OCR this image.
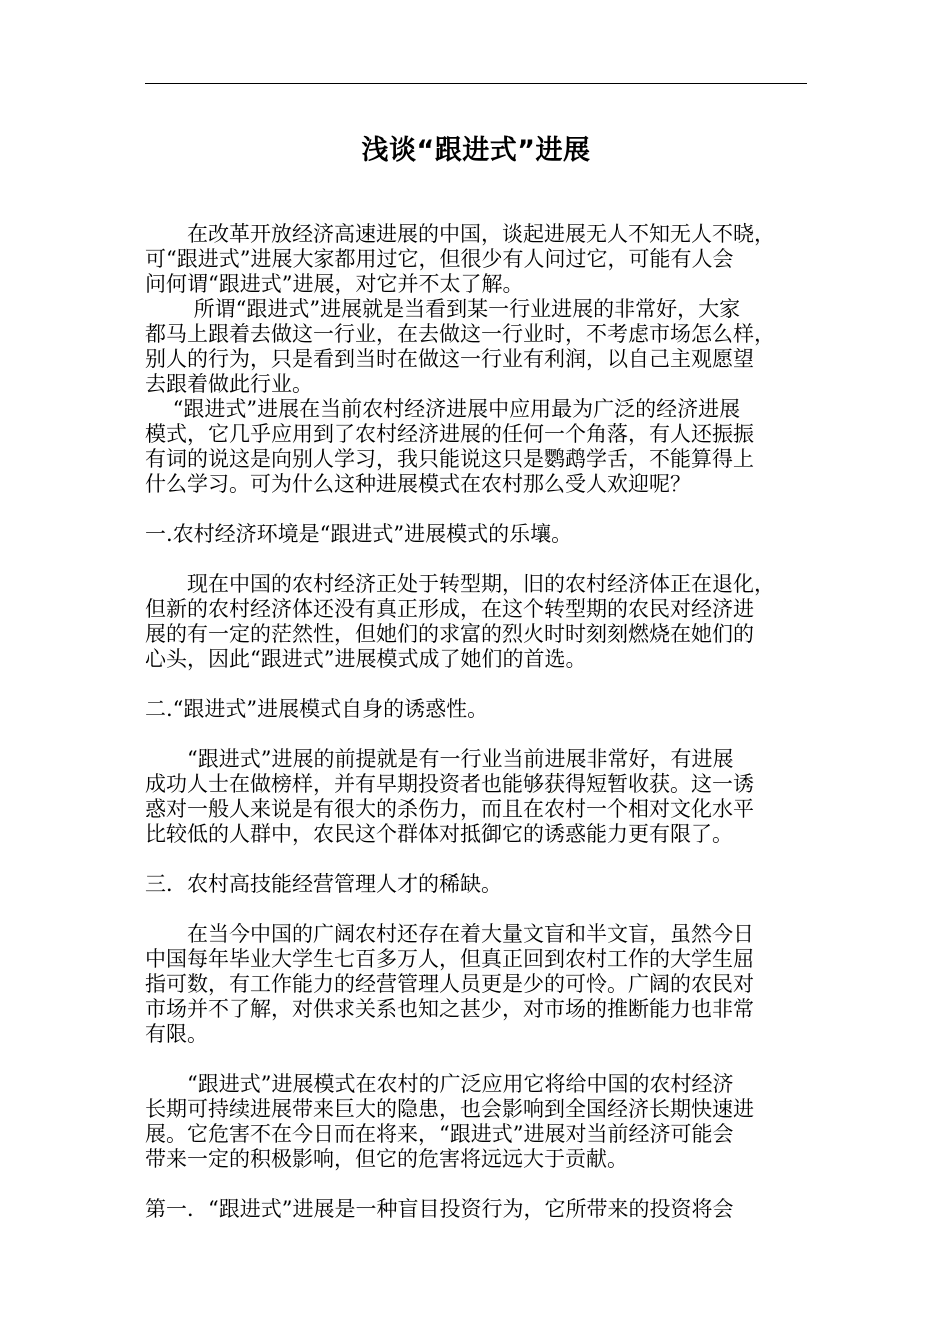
浅谈“跟进式”进展

　　在改革开放经济高速进展的中国，谈起进展无人不知无人不晓，
可“跟进式”进展大家都用过它，但很少有人问过它，可能有人会
问何谓“跟进式”进展，对它并不太了解。

　　 所谓“跟进式”进展就是当看到某一行业进展的非常好，大家
都马上跟着去做这一行业，在去做这一行业时，不考虑市场怎么样，
别人的行为，只是看到当时在做这一行业有利润，以自己主观愿望
去跟着做此行业。

　 “跟进式”进展在当前农村经济进展中应用最为广泛的经济进展
模式，它几乎应用到了农村经济进展的任何一个角落，有人还振振
有词的说这是向别人学习，我只能说这只是鹦鹉学舌，不能算得上
什么学习。可为什么这种进展模式在农村那么受人欢迎呢？

一.农村经济环境是“跟进式”进展模式的乐壤。

　　现在中国的农村经济正处于转型期，旧的农村经济体正在退化，
但新的农村经济体还没有真正形成，在这个转型期的农民对经济进
展的有一定的茫然性，但她们的求富的烈火时时刻刻燃烧在她们的
心头，因此“跟进式”进展模式成了她们的首选。

二.“跟进式”进展模式自身的诱惑性。

　　“跟进式”进展的前提就是有一行业当前进展非常好，有进展
成功人士在做榜样，并有早期投资者也能够获得短暂收获。这一诱
惑对一般人来说是有很大的杀伤力，而且在农村一个相对文化水平
比较低的人群中，农民这个群体对抵御它的诱惑能力更有限了。

三．农村高技能经营管理人才的稀缺。

　　在当今中国的广阔农村还存在着大量文盲和半文盲，虽然今日
中国每年毕业大学生七百多万人，但真正回到农村工作的大学生屈
指可数，有工作能力的经营管理人员更是少的可怜。广阔的农民对
市场并不了解，对供求关系也知之甚少，对市场的推断能力也非常
有限。

　　“跟进式”进展模式在农村的广泛应用它将给中国的农村经济
长期可持续进展带来巨大的隐患，也会影响到全国经济长期快速进
展。它危害不在今日而在将来，“跟进式”进展对当前经济可能会
带来一定的积极影响，但它的危害将远远大于贡献。

第一．“跟进式”进展是一种盲目投资行为，它所带来的投资将会
